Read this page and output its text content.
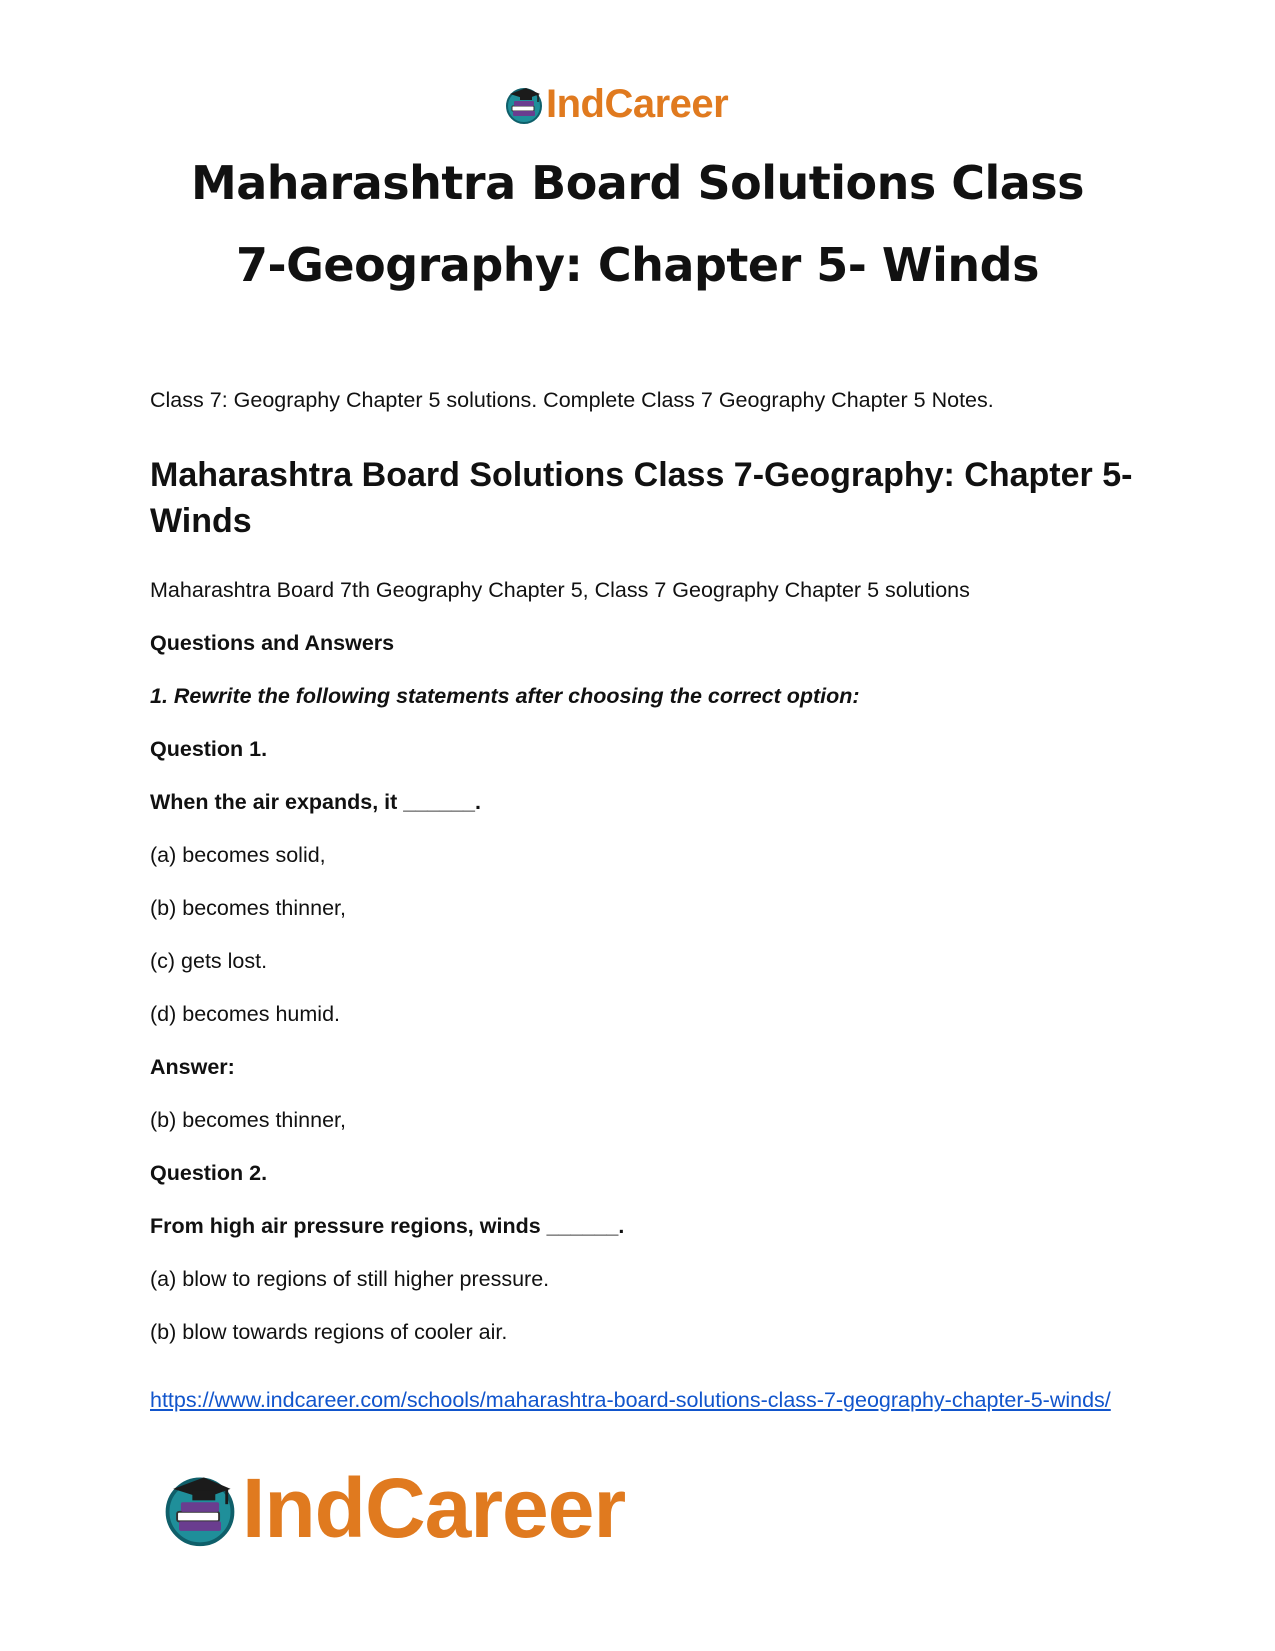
IndCareer
Maharashtra Board Solutions Class
7-Geography: Chapter 5- Winds

Class 7: Geography Chapter 5 solutions. Complete Class 7 Geography Chapter 5 Notes.

Maharashtra Board Solutions Class 7-Geography: Chapter 5- Winds

Maharashtra Board 7th Geography Chapter 5, Class 7 Geography Chapter 5 solutions

Questions and Answers

1. Rewrite the following statements after choosing the correct option:

Question 1.

When the air expands, it ______.

(a) becomes solid,

(b) becomes thinner,

(c) gets lost.

(d) becomes humid.

Answer:

(b) becomes thinner,

Question 2.

From high air pressure regions, winds ______.

(a) blow to regions of still higher pressure.

(b) blow towards regions of cooler air.

https://www.indcareer.com/schools/maharashtra-board-solutions-class-7-geography-chapter-5-winds/
IndCareer
